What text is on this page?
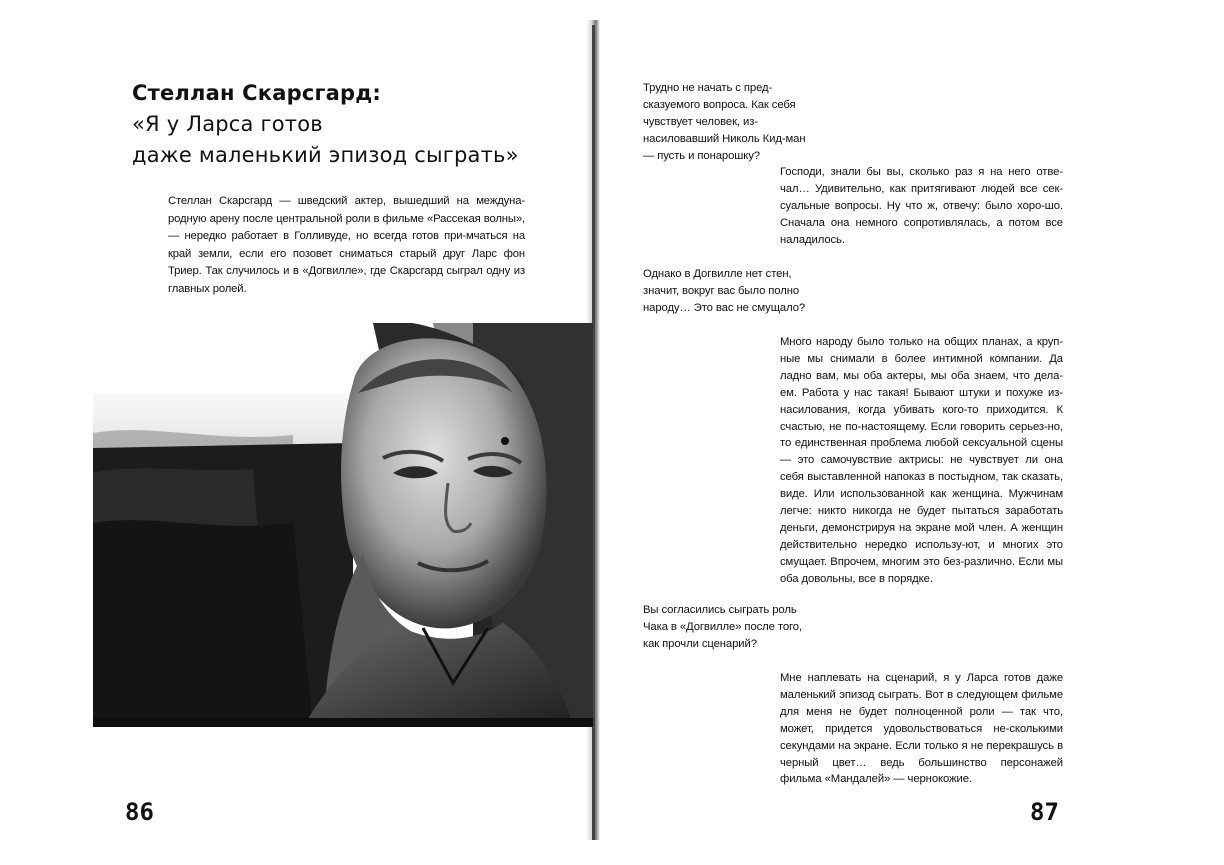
Стеллан Скарсгард:
«Я у Ларса готов
даже маленький эпизод сыграть»

Стеллан Скарсгард — шведский актер, вышедший на междуна-родную арену после центральной роли в фильме «Рассекая волны», — нередко работает в Голливуде, но всегда готов при-мчаться на край земли, если его позовет сниматься старый друг Ларс фон Триер. Так случилось и в «Догвилле», где Скарсгард сыграл одну из главных ролей.

86

Трудно не начать с пред-сказуемого вопроса. Как себя чувствует человек, из-насиловавший Николь Кид-ман — пусть и понарошку?

Господи, знали бы вы, сколько раз я на него отве-чал… Удивительно, как притягивают людей все сек-суальные вопросы. Ну что ж, отвечу: было хоро-шо. Сначала она немного сопротивлялась, а потом все наладилось.

Однако в Догвилле нет стен, значит, вокруг вас было полно народу… Это вас не смущало?

Много народу было только на общих планах, а круп-ные мы снимали в более интимной компании. Да ладно вам, мы оба актеры, мы оба знаем, что дела-ем. Работа у нас такая! Бывают штуки и похуже из-насилования, когда убивать кого-то приходится. К счастью, не по-настоящему. Если говорить серьез-но, то единственная проблема любой сексуальной сцены — это самочувствие актрисы: не чувствует ли она себя выставленной напоказ в постыдном, так сказать, виде. Или использованной как женщина. Мужчинам легче: никто никогда не будет пытаться заработать деньги, демонстрируя на экране мой член. А женщин действительно нередко использу-ют, и многих это смущает. Впрочем, многим это без-различно. Если мы оба довольны, все в порядке.

Вы согласились сыграть роль Чака в «Догвилле» после того, как прочли сценарий?

Мне наплевать на сценарий, я у Ларса готов даже маленький эпизод сыграть. Вот в следующем фильме для меня не будет полноценной роли — так что, может, придется удовольствоваться не-сколькими секундами на экране. Если только я не перекрашусь в черный цвет… ведь большинство персонажей фильма «Мандалей» — чернокожие.

87
